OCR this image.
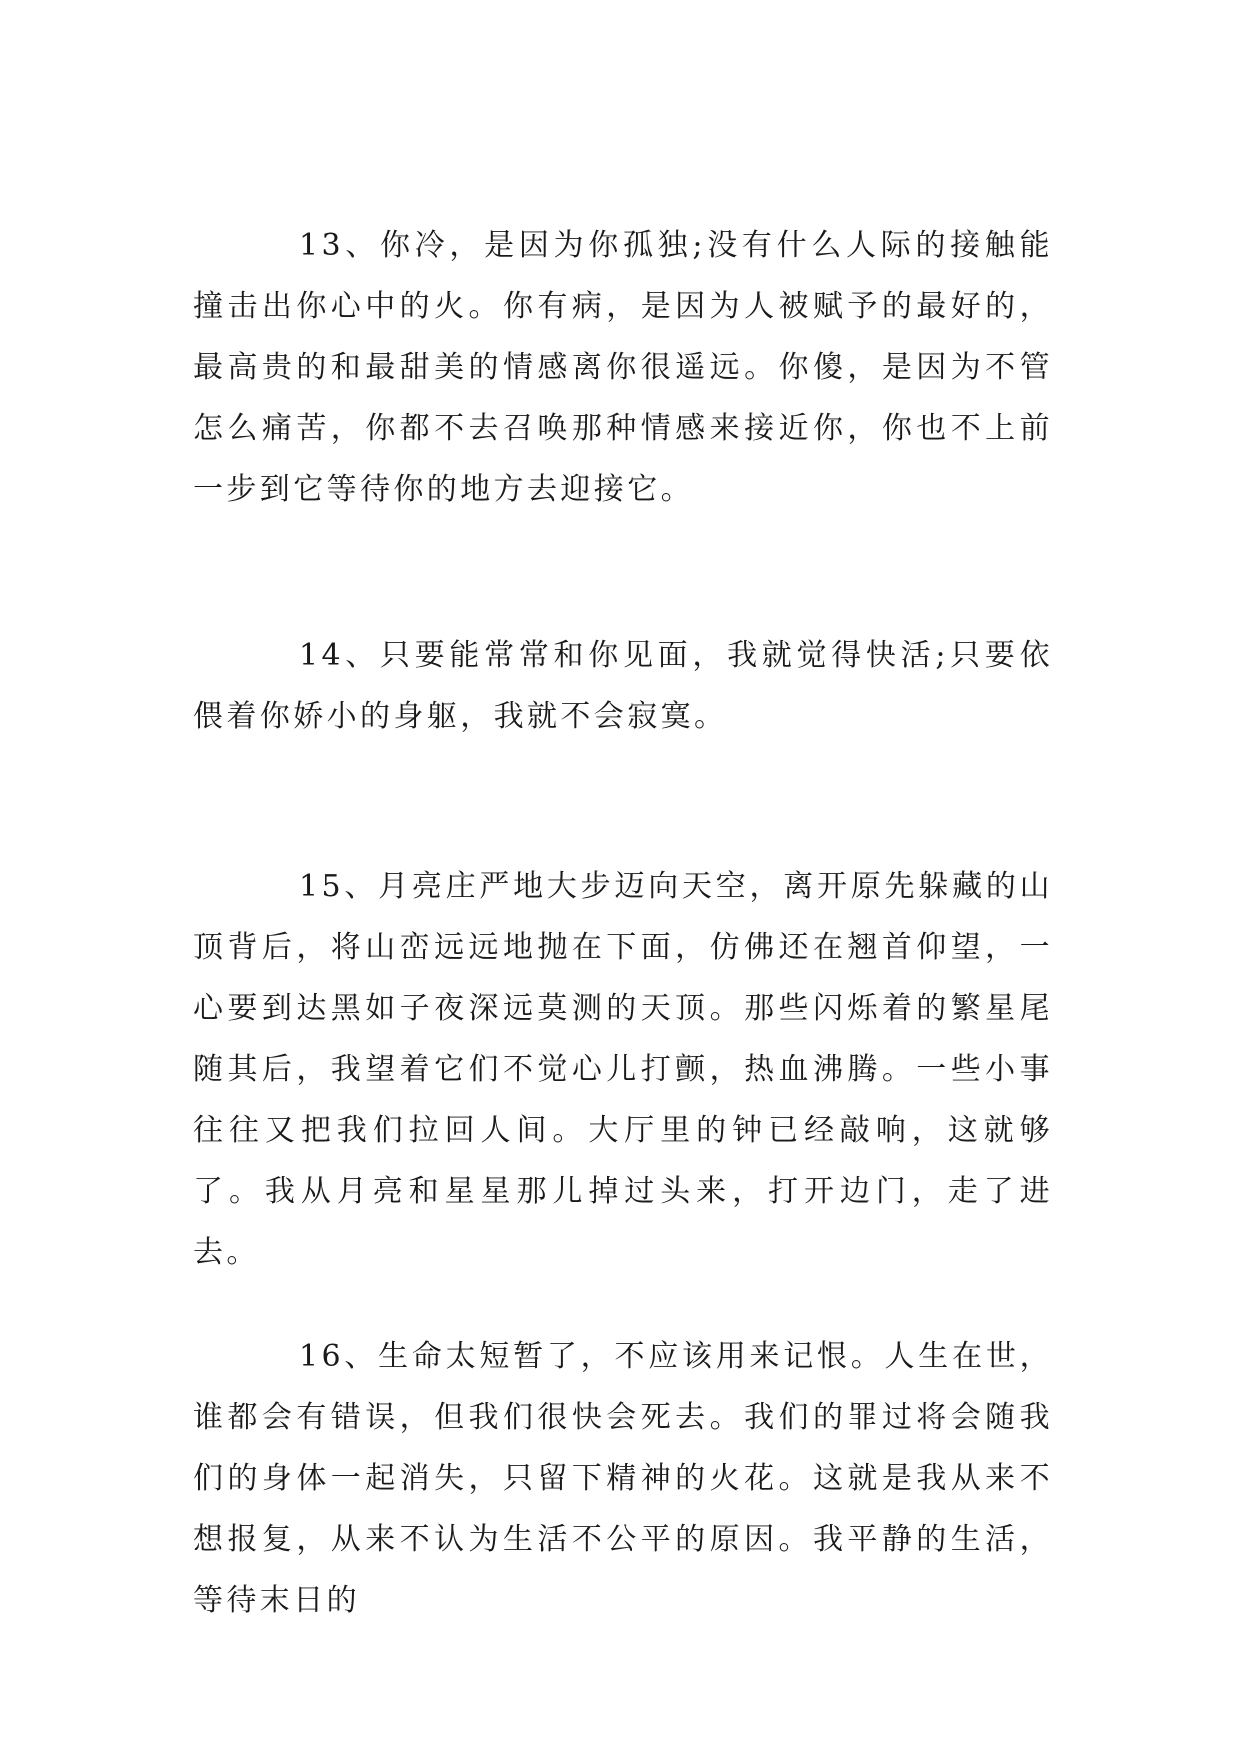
13、你冷，是因为你孤独;没有什么人际的接触能撞击出你心中的火。你有病，是因为人被赋予的最好的，最高贵的和最甜美的情感离你很遥远。你傻，是因为不管怎么痛苦，你都不去召唤那种情感来接近你，你也不上前一步到它等待你的地方去迎接它。

14、只要能常常和你见面，我就觉得快活;只要依偎着你娇小的身躯，我就不会寂寞。

15、月亮庄严地大步迈向天空，离开原先躲藏的山顶背后，将山峦远远地抛在下面，仿佛还在翘首仰望，一心要到达黑如子夜深远莫测的天顶。那些闪烁着的繁星尾随其后，我望着它们不觉心儿打颤，热血沸腾。一些小事往往又把我们拉回人间。大厅里的钟已经敲响，这就够了。我从月亮和星星那儿掉过头来，打开边门，走了进去。

16、生命太短暂了，不应该用来记恨。人生在世，谁都会有错误，但我们很快会死去。我们的罪过将会随我们的身体一起消失，只留下精神的火花。这就是我从来不想报复，从来不认为生活不公平的原因。我平静的生活，等待末日的
